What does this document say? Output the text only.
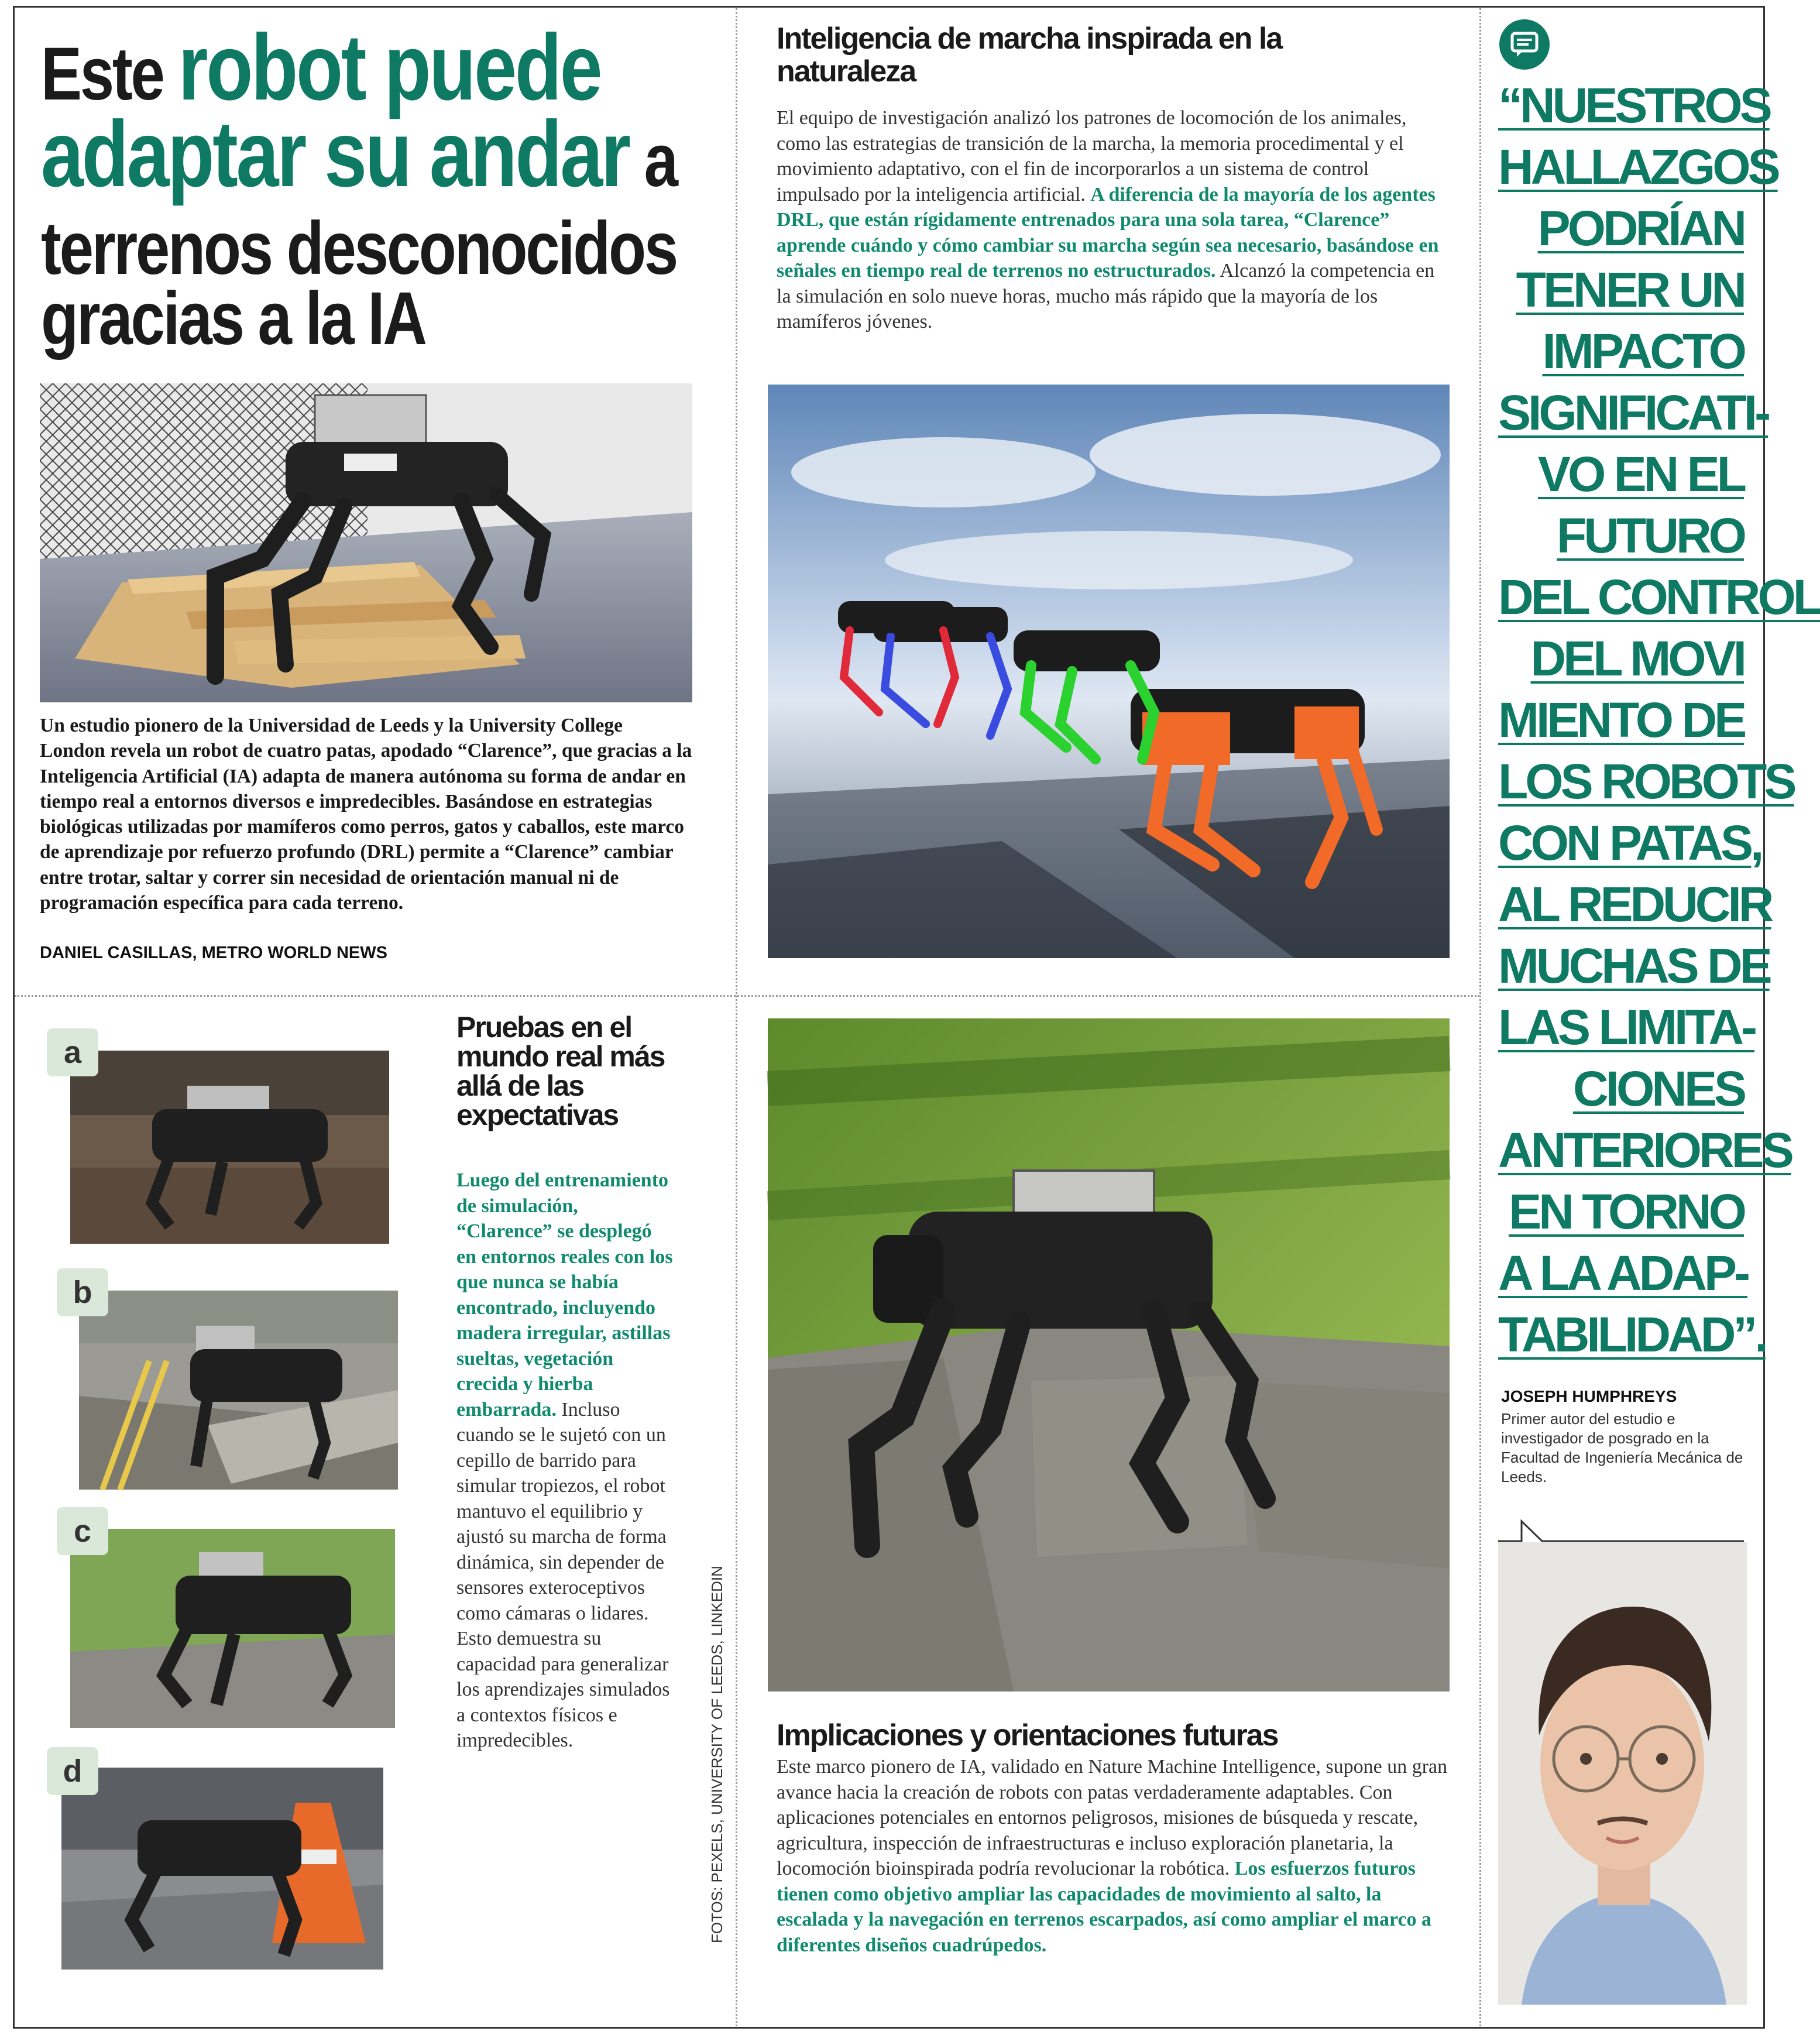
Este robot puede
adaptar su andar a
terrenos desconocidos
gracias a la IA
Un estudio pionero de la Universidad de Leeds y la University College London revela un robot de cuatro patas, apodado “Clarence”, que gracias a la Inteligencia Artificial (IA) adapta de manera autónoma su forma de andar en tiempo real a entornos diversos e impredecibles. Basándose en estrategias biológicas utilizadas por mamíferos como perros, gatos y caballos, este marco de aprendizaje por refuerzo profundo (DRL) permite a “Clarence” cambiar entre trotar, saltar y correr sin necesidad de orientación manual ni de programación específica para cada terreno.
DANIEL CASILLAS, METRO WORLD NEWS
Inteligencia de marcha inspirada en la naturaleza
El equipo de investigación analizó los patrones de locomoción de los animales, como las estrategias de transición de la marcha, la memoria procedimental y el movimiento adaptativo, con el fin de incorporarlos a un sistema de control impulsado por la inteligencia artificial. A diferencia de la mayoría de los agentes DRL, que están rígidamente entrenados para una sola tarea, “Clarence” aprende cuándo y cómo cambiar su marcha según sea necesario, basándose en señales en tiempo real de terrenos no estructurados. Alcanzó la competencia en la simulación en solo nueve horas, mucho más rápido que la mayoría de los mamíferos jóvenes.
a
b
c
d
Pruebas en el mundo real más allá de las expectativas
Luego del entrenamiento de simulación, “Clarence” se desplegó en entornos reales con los que nunca se había encontrado, incluyendo madera irregular, astillas sueltas, vegetación crecida y hierba embarrada. Incluso cuando se le sujetó con un cepillo de barrido para simular tropiezos, el robot mantuvo el equilibrio y ajustó su marcha de forma dinámica, sin depender de sensores exteroceptivos como cámaras o lidares. Esto demuestra su capacidad para generalizar los aprendizajes simulados a contextos físicos e impredecibles.	FOTOS: PEXELS, UNIVERSITY OF LEEDS, LINKEDIN Implicaciones y orientaciones futuras
Este marco pionero de IA, validado en Nature Machine Intelligence, supone un gran avance hacia la creación de robots con patas verdaderamente adaptables. Con aplicaciones potenciales en entornos peligrosos, misiones de búsqueda y rescate, agricultura, inspección de infraestructuras e incluso exploración planetaria, la locomoción bioinspirada podría revolucionar la robótica. Los esfuerzos futuros tienen como objetivo ampliar las capacidades de movimiento al salto, la escalada y la navegación en terrenos escarpados, así como ampliar el marco a diferentes diseños cuadrúpedos.
“NUESTROS
HALLAZGOS
PODRÍAN
TENER UN
IMPACTO
SIGNIFICATI-
VO EN EL
FUTURO
DEL CONTROL
DEL MOVI
MIENTO DE
LOS ROBOTS
CON PATAS,
AL REDUCIR
MUCHAS DE
LAS LIMITA-
CIONES
ANTERIORES
EN TORNO
A LA ADAP-
TABILIDAD”.
JOSEPH HUMPHREYS
Primer autor del estudio e investigador de posgrado en la Facultad de Ingeniería Mecánica de Leeds.
